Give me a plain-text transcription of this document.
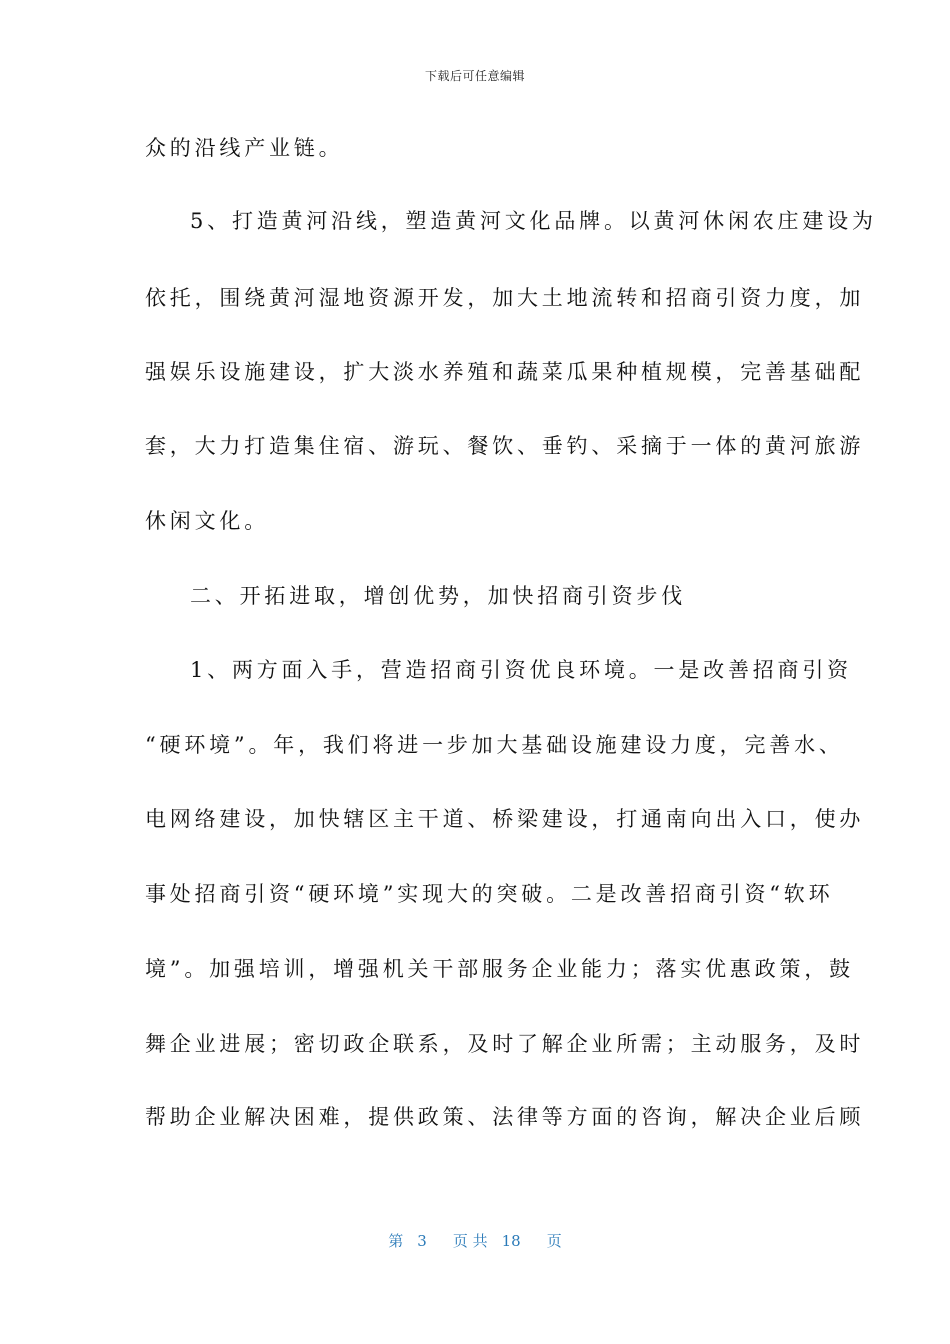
下载后可任意编辑
众的沿线产业链。
5、打造黄河沿线，塑造黄河文化品牌。以黄河休闲农庄建设为
依托，围绕黄河湿地资源开发，加大土地流转和招商引资力度，加
强娱乐设施建设，扩大淡水养殖和蔬菜瓜果种植规模，完善基础配
套，大力打造集住宿、游玩、餐饮、垂钓、采摘于一体的黄河旅游
休闲文化。
二、开拓进取，增创优势，加快招商引资步伐
1、两方面入手，营造招商引资优良环境。一是改善招商引资
“硬环境”。年，我们将进一步加大基础设施建设力度，完善水、
电网络建设，加快辖区主干道、桥梁建设，打通南向出入口，使办
事处招商引资“硬环境”实现大的突破。二是改善招商引资“软环
境”。加强培训，增强机关干部服务企业能力；落实优惠政策，鼓
舞企业进展；密切政企联系，及时了解企业所需；主动服务，及时
帮助企业解决困难，提供政策、法律等方面的咨询，解决企业后顾
第 3 页 共 18 页
